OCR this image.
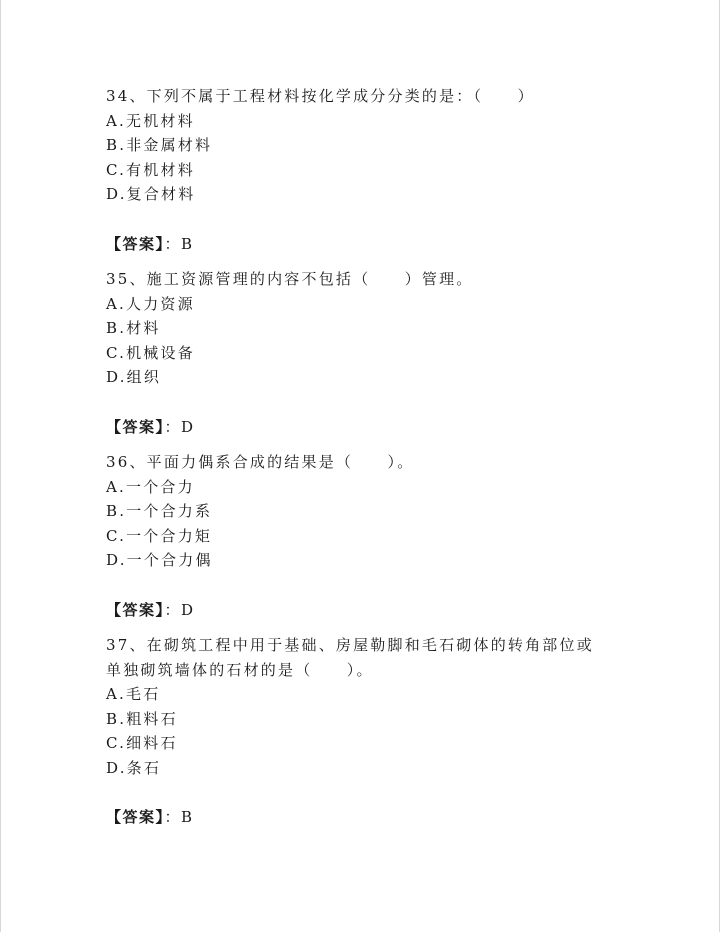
34、下列不属于工程材料按化学成分分类的是：（　　）

A.无机材料

B.非金属材料

C.有机材料

D.复合材料

【答案】：B

35、施工资源管理的内容不包括（　　）管理。

A.人力资源

B.材料

C.机械设备

D.组织

【答案】：D

36、平面力偶系合成的结果是（　　）。

A.一个合力

B.一个合力系

C.一个合力矩

D.一个合力偶

【答案】：D

37、在砌筑工程中用于基础、房屋勒脚和毛石砌体的转角部位或单独砌筑墙体的石材的是（　　）。

A.毛石

B.粗料石

C.细料石

D.条石

【答案】：B
